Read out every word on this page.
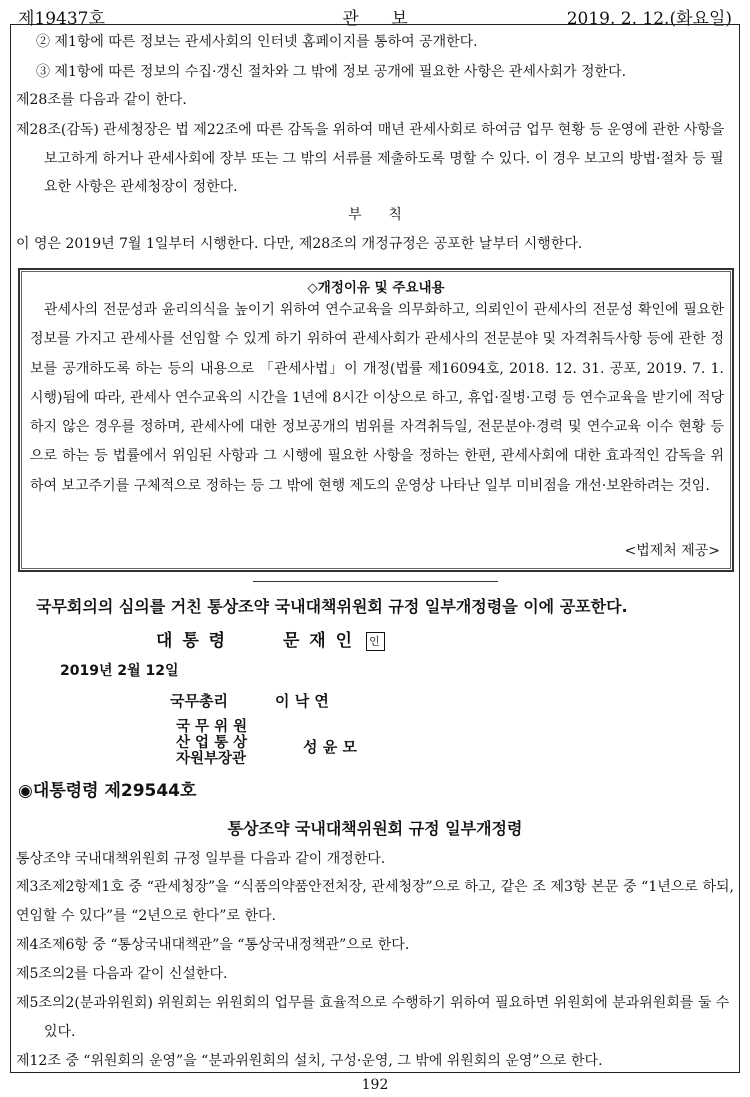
제19437호	관      보	2019. 2. 12.(화요일)
② 제1항에 따른 정보는 관세사회의 인터넷 홈페이지를 통하여 공개한다.
③ 제1항에 따른 정보의 수집·갱신 절차와 그 밖에 정보 공개에 필요한 사항은 관세사회가 정한다.
제28조를 다음과 같이 한다.
제28조(감독) 관세청장은 법 제22조에 따른 감독을 위하여 매년 관세사회로 하여금 업무 현황 등 운영에 관한 사항을 보고하게 하거나 관세사회에 장부 또는 그 밖의 서류를 제출하도록 명할 수 있다. 이 경우 보고의 방법·절차 등 필요한 사항은 관세청장이 정한다.
부      칙
이 영은 2019년 7월 1일부터 시행한다. 다만, 제28조의 개정규정은 공포한 날부터 시행한다.
◇개정이유 및 주요내용
관세사의 전문성과 윤리의식을 높이기 위하여 연수교육을 의무화하고, 의뢰인이 관세사의 전문성 확인에 필요한 정보를 가지고 관세사를 선임할 수 있게 하기 위하여 관세사회가 관세사의 전문분야 및 자격취득사항 등에 관한 정보를 공개하도록 하는 등의 내용으로 「관세사법」이 개정(법률 제16094호, 2018. 12. 31. 공포, 2019. 7. 1. 시행)됨에 따라, 관세사 연수교육의 시간을 1년에 8시간 이상으로 하고, 휴업·질병·고령 등 연수교육을 받기에 적당하지 않은 경우를 정하며, 관세사에 대한 정보공개의 범위를 자격취득일, 전문분야·경력 및 연수교육 이수 현황 등으로 하는 등 법률에서 위임된 사항과 그 시행에 필요한 사항을 정하는 한편, 관세사회에 대한 효과적인 감독을 위하여 보고주기를 구체적으로 정하는 등 그 밖에 현행 제도의 운영상 나타난 일부 미비점을 개선·보완하려는 것임.
<법제처 제공>
국무회의의 심의를 거친 통상조약 국내대책위원회 규정 일부개정령을 이에 공포한다.
대 통 령	문 재 인 인
2019년 2월 12일
국무총리	이 낙 연
국 무 위 원
산 업 통 상
자원부장관
성 윤 모
◉대통령령 제29544호
통상조약 국내대책위원회 규정 일부개정령
통상조약 국내대책위원회 규정 일부를 다음과 같이 개정한다.
제3조제2항제1호 중 “관세청장”을 “식품의약품안전처장, 관세청장”으로 하고, 같은 조 제3항 본문 중 “1년으로 하되, 연임할 수 있다”를 “2년으로 한다”로 한다.
제4조제6항 중 “통상국내대책관”을 “통상국내정책관”으로 한다.
제5조의2를 다음과 같이 신설한다.
제5조의2(분과위원회) 위원회는 위원회의 업무를 효율적으로 수행하기 위하여 필요하면 위원회에 분과위원회를 둘 수 있다.
제12조 중 “위원회의 운영”을 “분과위원회의 설치, 구성·운영, 그 밖에 위원회의 운영”으로 한다.
192
